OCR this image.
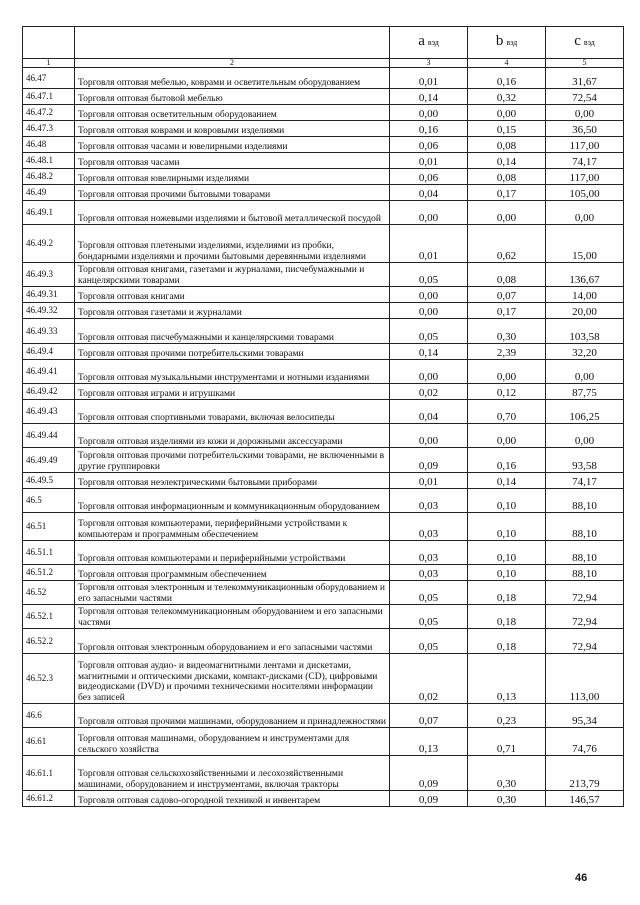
		a вэд	b вэд	c вэд
1	2	3	4	5
46.47	Торговля оптовая мебелью, коврами и осветительным оборудованием	0,01	0,16	31,67
46.47.1	Торговля оптовая бытовой мебелью	0,14	0,32	72,54
46.47.2	Торговля оптовая осветительным оборудованием	0,00	0,00	0,00
46.47.3	Торговля оптовая коврами и ковровыми изделиями	0,16	0,15	36,50
46.48	Торговля оптовая часами и ювелирными изделиями	0,06	0,08	117,00
46.48.1	Торговля оптовая часами	0,01	0,14	74,17
46.48.2	Торговля оптовая ювелирными изделиями	0,06	0,08	117,00
46.49	Торговля оптовая прочими бытовыми товарами	0,04	0,17	105,00
46.49.1	Торговля оптовая ножевыми изделиями и бытовой металлической посудой	0,00	0,00	0,00
46.49.2	Торговля оптовая плетеными изделиями, изделиями из пробки, бондарными изделиями и прочими бытовыми деревянными изделиями	0,01	0,62	15,00
46.49.3	Торговля оптовая книгами, газетами и журналами, писчебумажными и канцелярскими товарами	0,05	0,08	136,67
46.49.31	Торговля оптовая книгами	0,00	0,07	14,00
46.49.32	Торговля оптовая газетами и журналами	0,00	0,17	20,00
46.49.33	Торговля оптовая писчебумажными и канцелярскими товарами	0,05	0,30	103,58
46.49.4	Торговля оптовая прочими потребительскими товарами	0,14	2,39	32,20
46.49.41	Торговля оптовая музыкальными инструментами и нотными изданиями	0,00	0,00	0,00
46.49.42	Торговля оптовая играми и игрушками	0,02	0,12	87,75
46.49.43	Торговля оптовая спортивными товарами, включая велосипеды	0,04	0,70	106,25
46.49.44	Торговля оптовая изделиями из кожи и дорожными аксессуарами	0,00	0,00	0,00
46.49.49	Торговля оптовая прочими потребительскими товарами, не включенными в другие группировки	0,09	0,16	93,58
46.49.5	Торговля оптовая неэлектрическими бытовыми приборами	0,01	0,14	74,17
46.5	Торговля оптовая информационным и коммуникационным оборудованием	0,03	0,10	88,10
46.51	Торговля оптовая компьютерами, периферийными устройствами к компьютерам и программным обеспечением	0,03	0,10	88,10
46.51.1	Торговля оптовая компьютерами и периферийными устройствами	0,03	0,10	88,10
46.51.2	Торговля оптовая программным обеспечением	0,03	0,10	88,10
46.52	Торговля оптовая электронным и телекоммуникационным оборудованием и его запасными частями	0,05	0,18	72,94
46.52.1	Торговля оптовая телекоммуникационным оборудованием и его запасными частями	0,05	0,18	72,94
46.52.2	Торговля оптовая электронным оборудованием и его запасными частями	0,05	0,18	72,94
46.52.3	Торговля оптовая аудио- и видеомагнитными лентами и дискетами, магнитными и оптическими дисками, компакт-дисками (CD), цифровыми видеодисками (DVD) и прочими техническими носителями информации без записей	0,02	0,13	113,00
46.6	Торговля оптовая прочими машинами, оборудованием и принадлежностями	0,07	0,23	95,34
46.61	Торговля оптовая машинами, оборудованием и инструментами для сельского хозяйства	0,13	0,71	74,76
46.61.1	Торговля оптовая сельскохозяйственными и лесохозяйственными машинами, оборудованием и инструментами, включая тракторы	0,09	0,30	213,79
46.61.2	Торговля оптовая садово-огородной техникой и инвентарем	0,09	0,30	146,57
46
